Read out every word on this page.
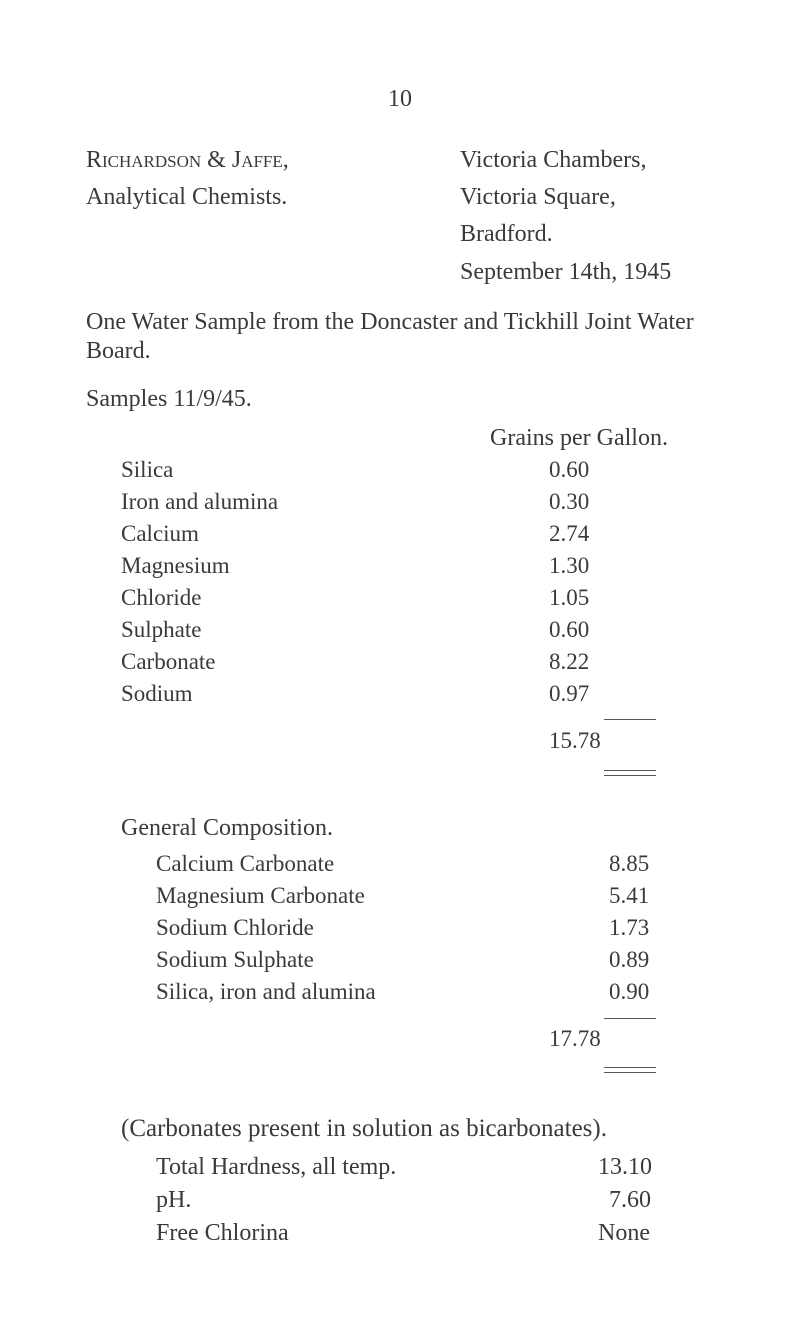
10
Richardson & Jaffe,
Analytical Chemists.
Victoria Chambers,
Victoria Square,
Bradford.
September 14th, 1945
One Water Sample from the Doncaster and Tickhill Joint Water
Board.
Samples 11/9/45.
Grains per Gallon.
Silica	0.60
Iron and alumina	0.30
Calcium	2.74
Magnesium	1.30
Chloride	1.05
Sulphate	0.60
Carbonate	8.22
Sodium	0.97
15.78
General Composition.
Calcium Carbonate	8.85
Magnesium Carbonate	5.41
Sodium Chloride	1.73
Sodium Sulphate	0.89
Silica, iron and alumina	0.90
17.78
(Carbonates present in solution as bicarbonates).
Total Hardness, all temp.	13.10
pH.	7.60
Free Chlorina	None
